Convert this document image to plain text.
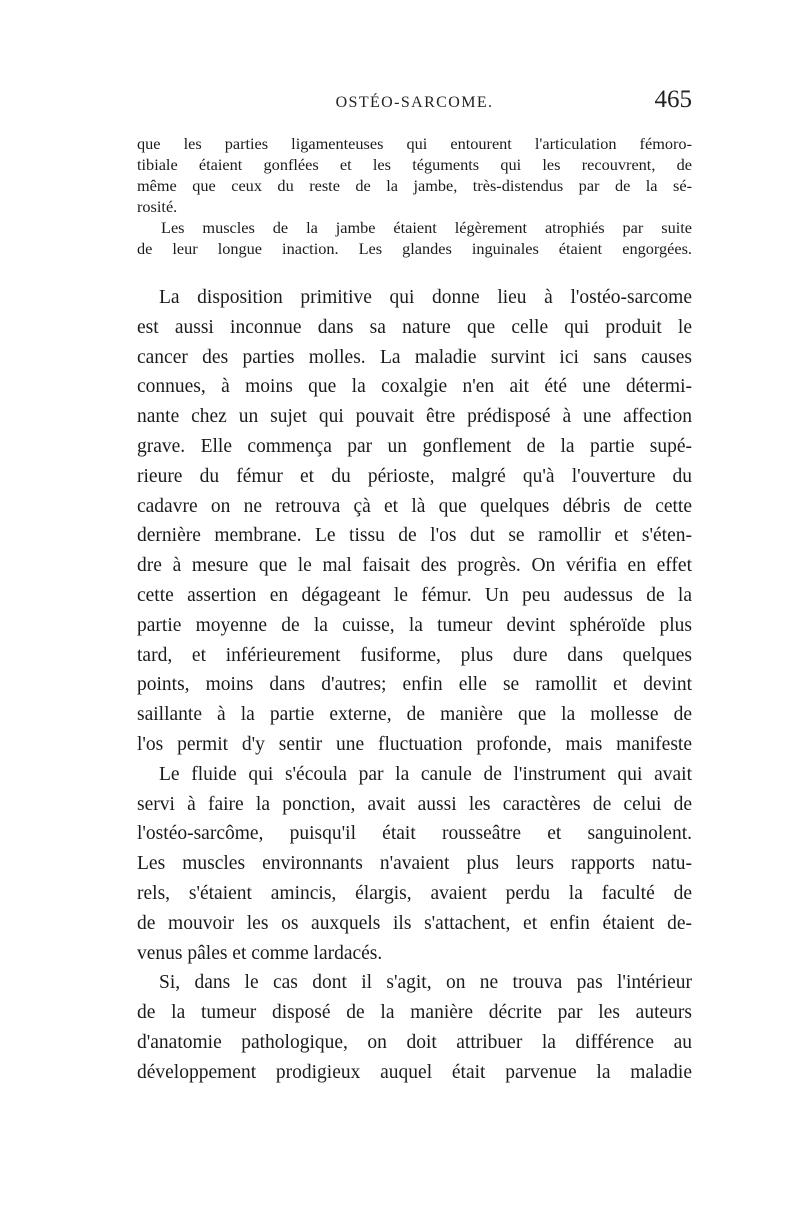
OSTÉO-SARCOME.	465
que les parties ligamenteuses qui entourent l'articulation fémoro-
tibiale étaient gonflées et les téguments qui les recouvrent, de
même que ceux du reste de la jambe, très-distendus par de la sé-
rosité.
Les muscles de la jambe étaient légèrement atrophiés par suite
de leur longue inaction. Les glandes inguinales étaient engorgées.
La disposition primitive qui donne lieu à l'ostéo-sarcome
est aussi inconnue dans sa nature que celle qui produit le
cancer des parties molles. La maladie survint ici sans causes
connues, à moins que la coxalgie n'en ait été une détermi-
nante chez un sujet qui pouvait être prédisposé à une affection
grave. Elle commença par un gonflement de la partie supé-
rieure du fémur et du périoste, malgré qu'à l'ouverture du
cadavre on ne retrouva çà et là que quelques débris de cette
dernière membrane. Le tissu de l'os dut se ramollir et s'éten-
dre à mesure que le mal faisait des progrès. On vérifia en effet
cette assertion en dégageant le fémur. Un peu audessus de la
partie moyenne de la cuisse, la tumeur devint sphéroïde plus
tard, et inférieurement fusiforme, plus dure dans quelques
points, moins dans d'autres; enfin elle se ramollit et devint
saillante à la partie externe, de manière que la mollesse de
l'os permit d'y sentir une fluctuation profonde, mais manifeste
Le fluide qui s'écoula par la canule de l'instrument qui avait
servi à faire la ponction, avait aussi les caractères de celui de
l'ostéo-sarcôme, puisqu'il était rousseâtre et sanguinolent.
Les muscles environnants n'avaient plus leurs rapports natu-
rels, s'étaient amincis, élargis, avaient perdu la faculté de
de mouvoir les os auxquels ils s'attachent, et enfin étaient de-
venus pâles et comme lardacés.
Si, dans le cas dont il s'agit, on ne trouva pas l'intérieur
de la tumeur disposé de la manière décrite par les auteurs
d'anatomie pathologique, on doit attribuer la différence au
développement prodigieux auquel était parvenue la maladie
